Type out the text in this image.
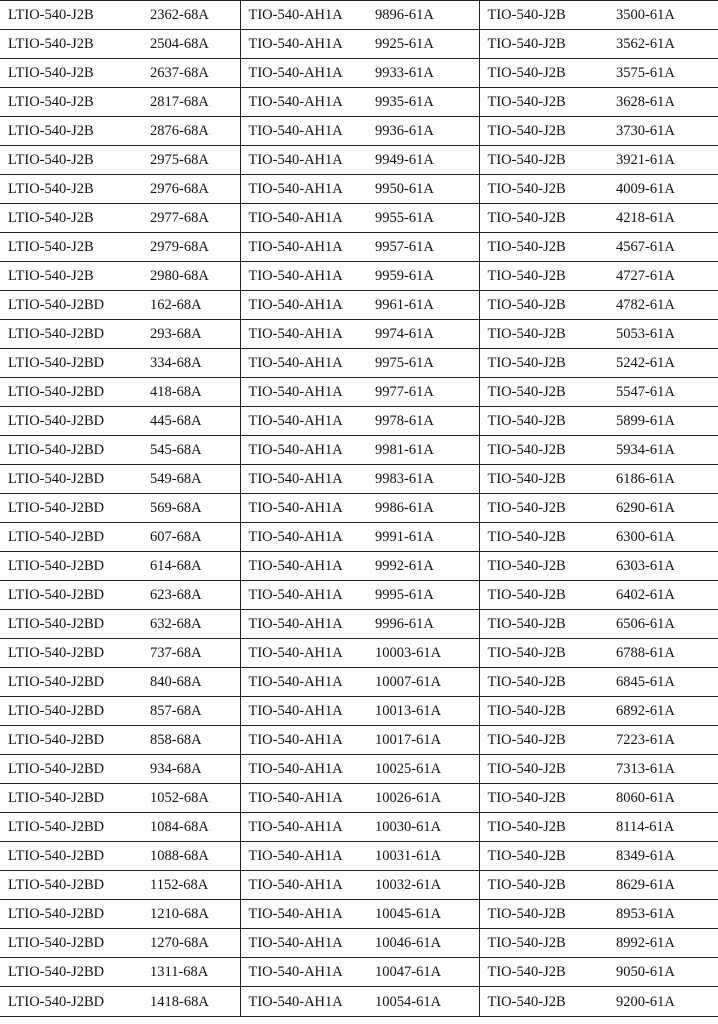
LTIO-540-J2B	2362-68A	TIO-540-AH1A	9896-61A	TIO-540-J2B	3500-61A
LTIO-540-J2B	2504-68A	TIO-540-AH1A	9925-61A	TIO-540-J2B	3562-61A
LTIO-540-J2B	2637-68A	TIO-540-AH1A	9933-61A	TIO-540-J2B	3575-61A
LTIO-540-J2B	2817-68A	TIO-540-AH1A	9935-61A	TIO-540-J2B	3628-61A
LTIO-540-J2B	2876-68A	TIO-540-AH1A	9936-61A	TIO-540-J2B	3730-61A
LTIO-540-J2B	2975-68A	TIO-540-AH1A	9949-61A	TIO-540-J2B	3921-61A
LTIO-540-J2B	2976-68A	TIO-540-AH1A	9950-61A	TIO-540-J2B	4009-61A
LTIO-540-J2B	2977-68A	TIO-540-AH1A	9955-61A	TIO-540-J2B	4218-61A
LTIO-540-J2B	2979-68A	TIO-540-AH1A	9957-61A	TIO-540-J2B	4567-61A
LTIO-540-J2B	2980-68A	TIO-540-AH1A	9959-61A	TIO-540-J2B	4727-61A
LTIO-540-J2BD	162-68A	TIO-540-AH1A	9961-61A	TIO-540-J2B	4782-61A
LTIO-540-J2BD	293-68A	TIO-540-AH1A	9974-61A	TIO-540-J2B	5053-61A
LTIO-540-J2BD	334-68A	TIO-540-AH1A	9975-61A	TIO-540-J2B	5242-61A
LTIO-540-J2BD	418-68A	TIO-540-AH1A	9977-61A	TIO-540-J2B	5547-61A
LTIO-540-J2BD	445-68A	TIO-540-AH1A	9978-61A	TIO-540-J2B	5899-61A
LTIO-540-J2BD	545-68A	TIO-540-AH1A	9981-61A	TIO-540-J2B	5934-61A
LTIO-540-J2BD	549-68A	TIO-540-AH1A	9983-61A	TIO-540-J2B	6186-61A
LTIO-540-J2BD	569-68A	TIO-540-AH1A	9986-61A	TIO-540-J2B	6290-61A
LTIO-540-J2BD	607-68A	TIO-540-AH1A	9991-61A	TIO-540-J2B	6300-61A
LTIO-540-J2BD	614-68A	TIO-540-AH1A	9992-61A	TIO-540-J2B	6303-61A
LTIO-540-J2BD	623-68A	TIO-540-AH1A	9995-61A	TIO-540-J2B	6402-61A
LTIO-540-J2BD	632-68A	TIO-540-AH1A	9996-61A	TIO-540-J2B	6506-61A
LTIO-540-J2BD	737-68A	TIO-540-AH1A	10003-61A	TIO-540-J2B	6788-61A
LTIO-540-J2BD	840-68A	TIO-540-AH1A	10007-61A	TIO-540-J2B	6845-61A
LTIO-540-J2BD	857-68A	TIO-540-AH1A	10013-61A	TIO-540-J2B	6892-61A
LTIO-540-J2BD	858-68A	TIO-540-AH1A	10017-61A	TIO-540-J2B	7223-61A
LTIO-540-J2BD	934-68A	TIO-540-AH1A	10025-61A	TIO-540-J2B	7313-61A
LTIO-540-J2BD	1052-68A	TIO-540-AH1A	10026-61A	TIO-540-J2B	8060-61A
LTIO-540-J2BD	1084-68A	TIO-540-AH1A	10030-61A	TIO-540-J2B	8114-61A
LTIO-540-J2BD	1088-68A	TIO-540-AH1A	10031-61A	TIO-540-J2B	8349-61A
LTIO-540-J2BD	1152-68A	TIO-540-AH1A	10032-61A	TIO-540-J2B	8629-61A
LTIO-540-J2BD	1210-68A	TIO-540-AH1A	10045-61A	TIO-540-J2B	8953-61A
LTIO-540-J2BD	1270-68A	TIO-540-AH1A	10046-61A	TIO-540-J2B	8992-61A
LTIO-540-J2BD	1311-68A	TIO-540-AH1A	10047-61A	TIO-540-J2B	9050-61A
LTIO-540-J2BD	1418-68A	TIO-540-AH1A	10054-61A	TIO-540-J2B	9200-61A
